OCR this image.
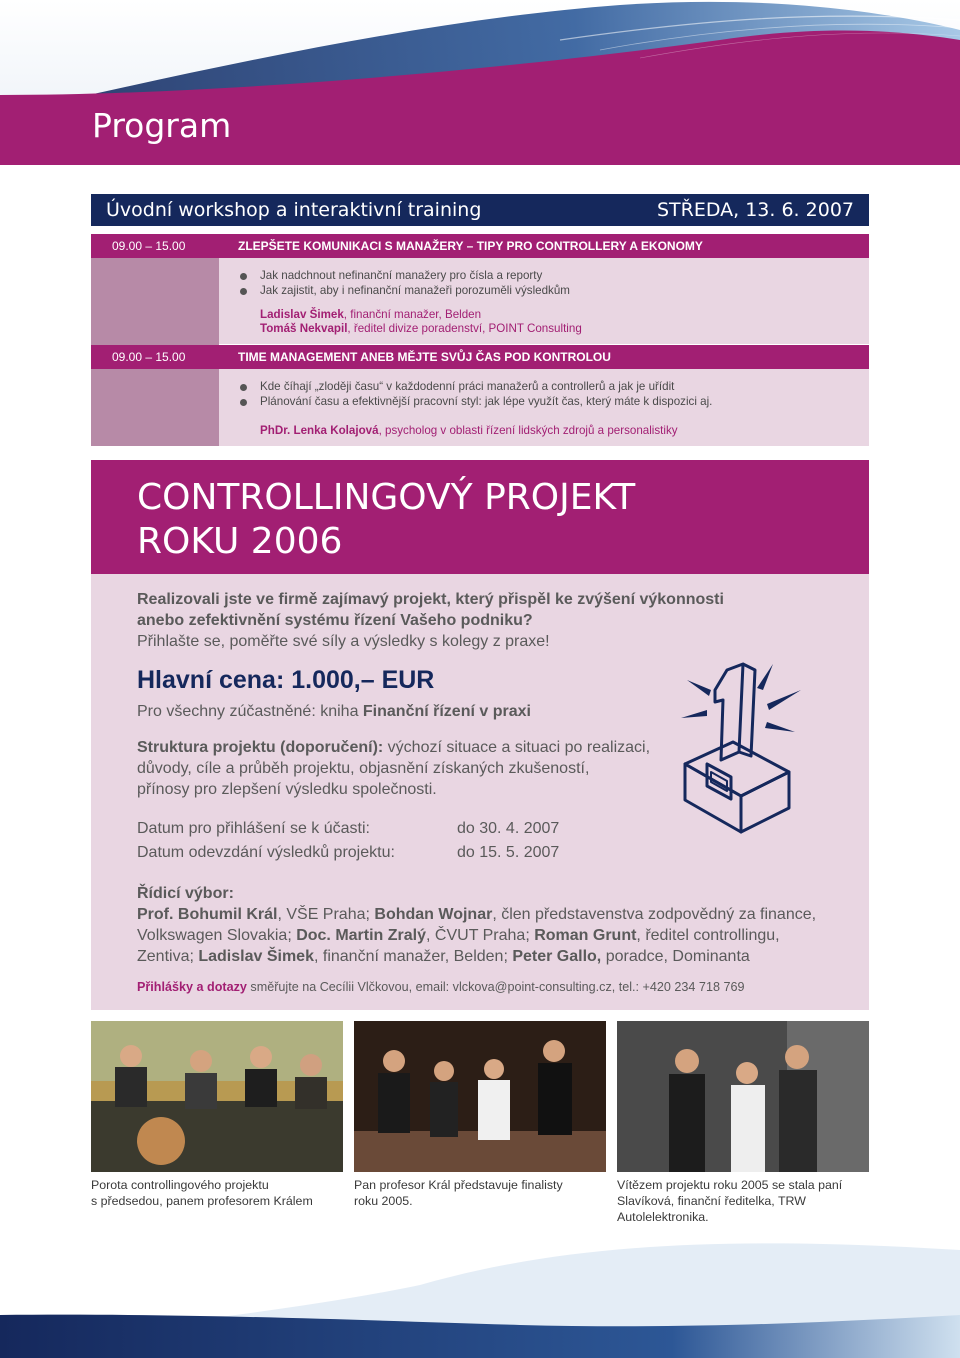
Program
Úvodní workshop a interaktivní training	STŘEDA, 13. 6. 2007
09.00 – 15.00	ZLEPŠETE KOMUNIKACI S MANAŽERY – TIPY PRO CONTROLLERY A EKONOMY
Jak nadchnout nefinanční manažery pro čísla a reporty
Jak zajistit, aby i nefinanční manažeři porozuměli výsledkům
Ladislav Šimek, finanční manažer, Belden
Tomáš Nekvapil, ředitel divize poradenství, POINT Consulting
09.00 – 15.00	TIME MANAGEMENT ANEB MĚJTE SVŮJ ČAS POD KONTROLOU
Kde číhají „zloději času“ v každodenní práci manažerů a controllerů a jak je uřídit
Plánování času a efektivnější pracovní styl: jak lépe využít čas, který máte k dispozici aj.
PhDr. Lenka Kolajová, psycholog v oblasti řízení lidských zdrojů a personalistiky
CONTROLLINGOVÝ PROJEKT
ROKU 2006
Realizovali jste ve firmě zajímavý projekt, který přispěl ke zvýšení výkonnosti
anebo zefektivnění systému řízení Vašeho podniku?
Přihlašte se, poměřte své síly a výsledky s kolegy z praxe!
Hlavní cena: 1.000,– EUR
Pro všechny zúčastněné: kniha Finanční řízení v praxi
Struktura projektu (doporučení): výchozí situace a situaci po realizaci,
důvody, cíle a průběh projektu, objasnění získaných zkušeností,
přínosy pro zlepšení výsledku společnosti.
Datum pro přihlášení se k účasti:	do 30. 4. 2007
Datum odevzdání výsledků projektu:	do 15. 5. 2007
Řídicí výbor:
Prof. Bohumil Král, VŠE Praha; Bohdan Wojnar, člen představenstva zodpovědný za finance,
Volkswagen Slovakia; Doc. Martin Zralý, ČVUT Praha; Roman Grunt, ředitel controllingu,
Zentiva; Ladislav Šimek, finanční manažer, Belden; Peter Gallo, poradce, Dominanta
Přihlášky a dotazy směřujte na Cecílii Vlčkovou, email: vlckova@point-consulting.cz, tel.: +420 234 718 769
Porota controllingového projektu
s předsedou, panem profesorem Králem
Pan profesor Král představuje finalisty
roku 2005.
Vítězem projektu roku 2005 se stala paní
Slavíková, finanční ředitelka, TRW
Autolelektronika.
